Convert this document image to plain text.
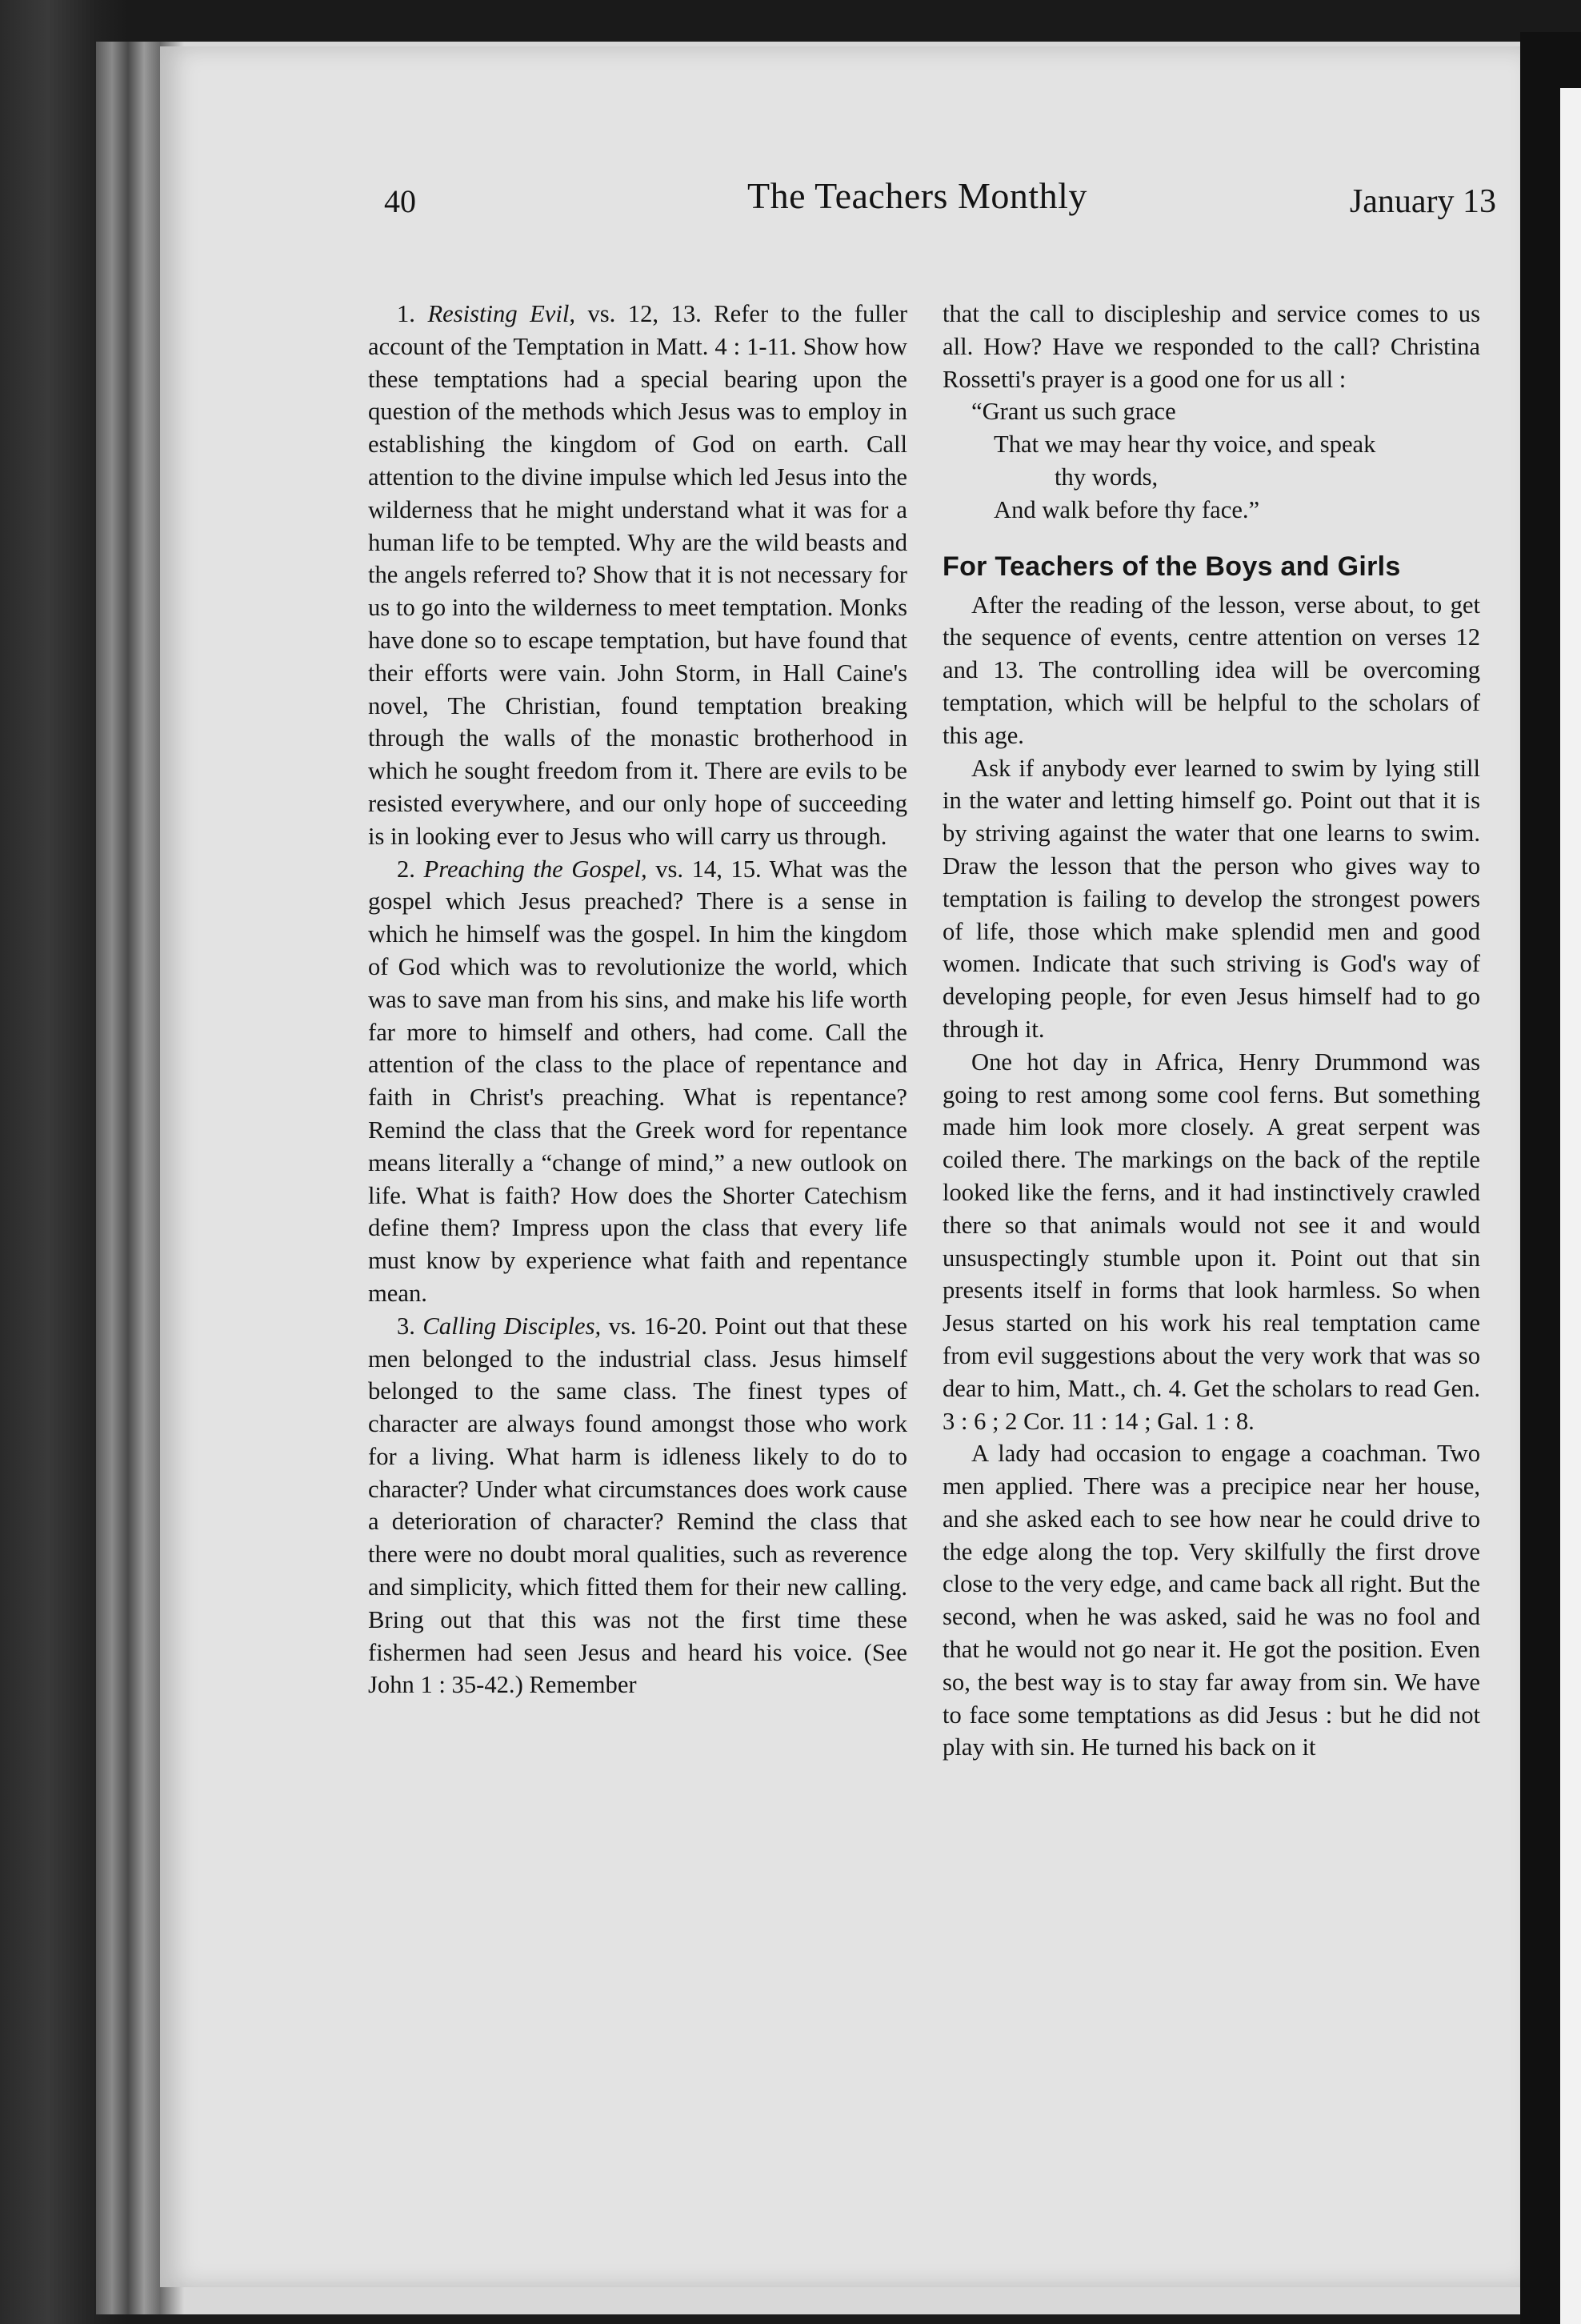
40	The Teachers Monthly	January 13

1. Resisting Evil, vs. 12, 13. Refer to the fuller account of the Temptation in Matt. 4 : 1-11. Show how these temptations had a special bearing upon the question of the methods which Jesus was to employ in establishing the kingdom of God on earth. Call attention to the divine impulse which led Jesus into the wilderness that he might understand what it was for a human life to be tempted. Why are the wild beasts and the angels referred to? Show that it is not necessary for us to go into the wilderness to meet temptation. Monks have done so to escape temptation, but have found that their efforts were vain. John Storm, in Hall Caine's novel, The Christian, found temptation breaking through the walls of the monastic brotherhood in which he sought freedom from it. There are evils to be resisted everywhere, and our only hope of succeeding is in looking ever to Jesus who will carry us through.

2. Preaching the Gospel, vs. 14, 15. What was the gospel which Jesus preached? There is a sense in which he himself was the gospel. In him the kingdom of God which was to revolutionize the world, which was to save man from his sins, and make his life worth far more to himself and others, had come. Call the attention of the class to the place of repentance and faith in Christ's preaching. What is repentance? Remind the class that the Greek word for repentance means literally a “change of mind,” a new outlook on life. What is faith? How does the Shorter Catechism define them? Impress upon the class that every life must know by experience what faith and repentance mean.

3. Calling Disciples, vs. 16-20. Point out that these men belonged to the industrial class. Jesus himself belonged to the same class. The finest types of character are always found amongst those who work for a living. What harm is idleness likely to do to character? Under what circumstances does work cause a deterioration of character? Remind the class that there were no doubt moral qualities, such as reverence and simplicity, which fitted them for their new calling. Bring out that this was not the first time these fishermen had seen Jesus and heard his voice. (See John 1 : 35-42.) Remember

that the call to discipleship and service comes to us all. How? Have we responded to the call? Christina Rossetti's prayer is a good one for us all :

“Grant us such grace
That we may hear thy voice, and speak
thy words,
And walk before thy face.”
For Teachers of the Boys and Girls

After the reading of the lesson, verse about, to get the sequence of events, centre attention on verses 12 and 13. The controlling idea will be overcoming temptation, which will be helpful to the scholars of this age.

Ask if anybody ever learned to swim by lying still in the water and letting himself go. Point out that it is by striving against the water that one learns to swim. Draw the lesson that the person who gives way to temptation is failing to develop the strongest powers of life, those which make splendid men and good women. Indicate that such striving is God's way of developing people, for even Jesus himself had to go through it.

One hot day in Africa, Henry Drummond was going to rest among some cool ferns. But something made him look more closely. A great serpent was coiled there. The markings on the back of the reptile looked like the ferns, and it had instinctively crawled there so that animals would not see it and would unsuspectingly stumble upon it. Point out that sin presents itself in forms that look harmless. So when Jesus started on his work his real temptation came from evil suggestions about the very work that was so dear to him, Matt., ch. 4. Get the scholars to read Gen. 3 : 6 ; 2 Cor. 11 : 14 ; Gal. 1 : 8.

A lady had occasion to engage a coachman. Two men applied. There was a precipice near her house, and she asked each to see how near he could drive to the edge along the top. Very skilfully the first drove close to the very edge, and came back all right. But the second, when he was asked, said he was no fool and that he would not go near it. He got the position. Even so, the best way is to stay far away from sin. We have to face some temptations as did Jesus : but he did not play with sin. He turned his back on it
